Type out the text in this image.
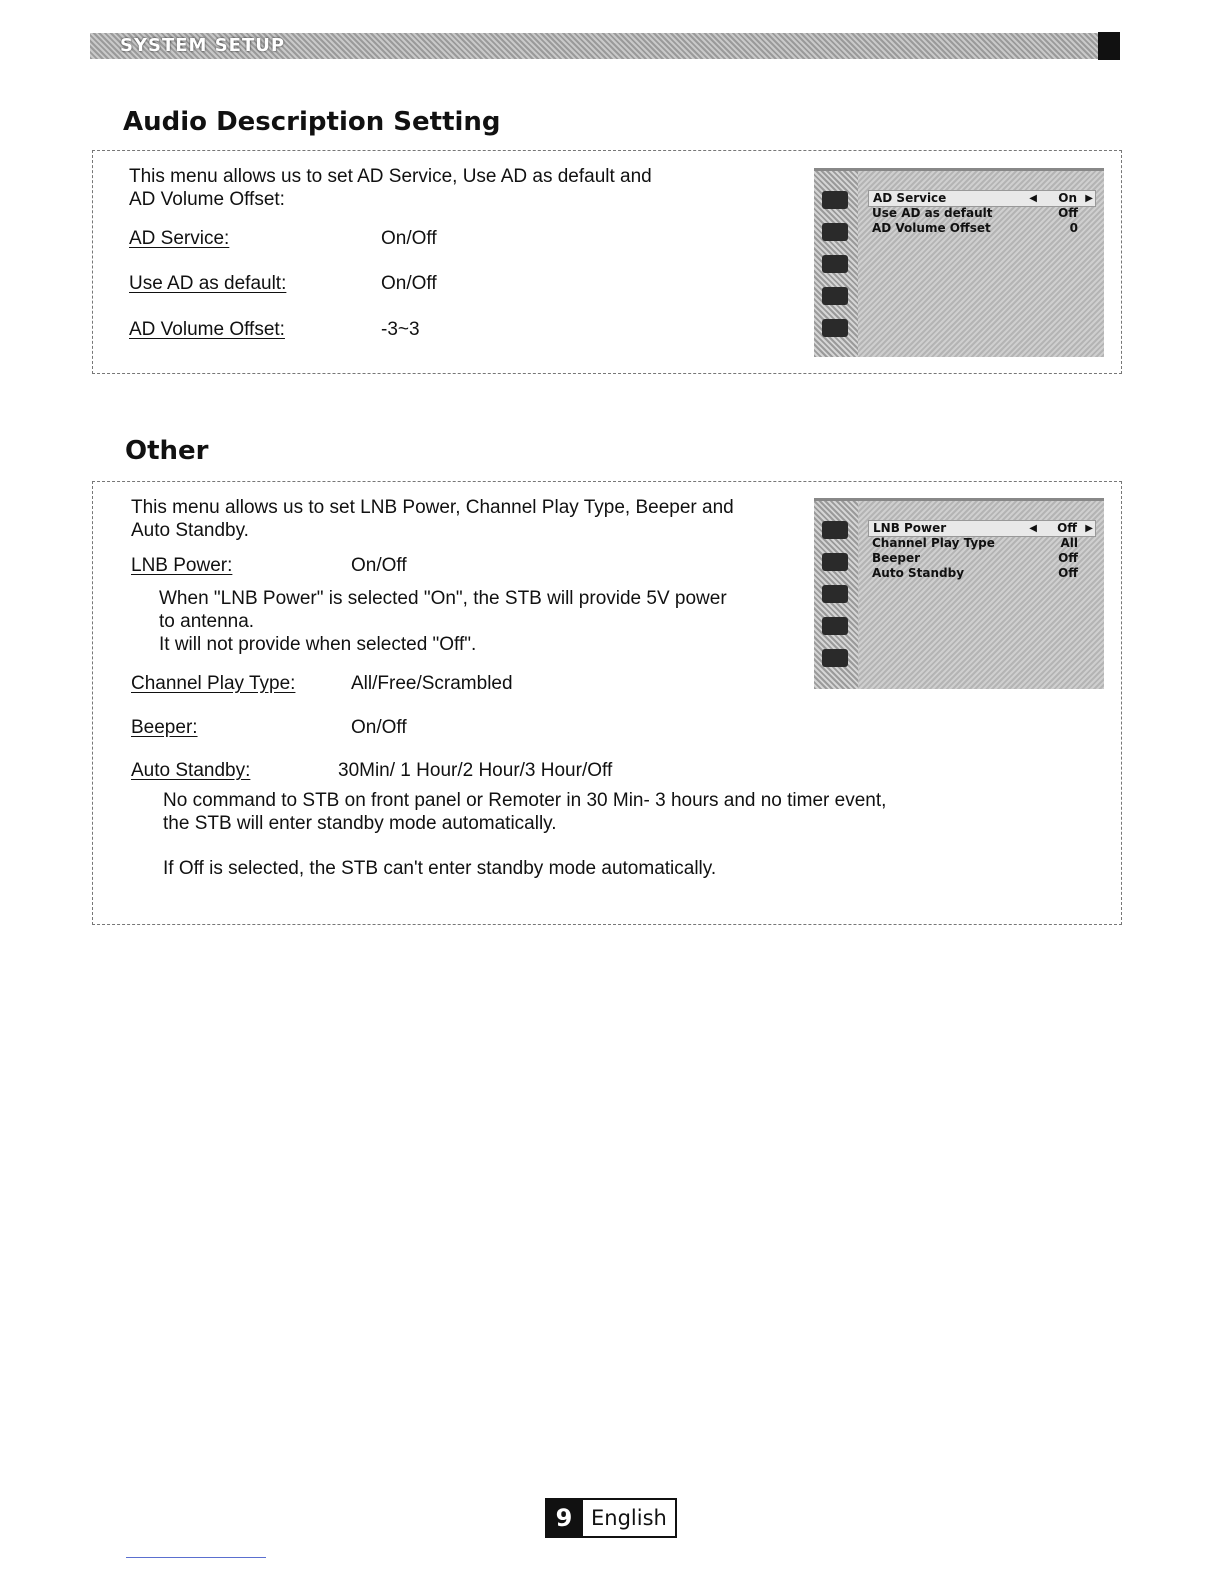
SYSTEM SETUP
Audio Description Setting
This menu allows us to set AD Service, Use AD as default and
AD Volume Offset:
AD Service:	On/Off
Use AD as default:	On/Off
AD Volume Offset:	-3~3
AD Service	◀ On ▶
Use AD as default	Off
AD Volume Offset	0
Other
This menu allows us to set LNB Power, Channel Play Type, Beeper and
Auto Standby.
LNB Power:	On/Off
When "LNB Power" is selected "On", the STB will provide 5V power
to antenna.
It will not provide when selected "Off".
Channel Play Type:	All/Free/Scrambled
Beeper:	On/Off
Auto Standby:	30Min/ 1 Hour/2 Hour/3 Hour/Off
No command to STB on front panel or Remoter in 30 Min- 3 hours and no timer event,
the STB will enter standby mode automatically.
If Off is selected, the STB can't enter standby mode automatically.
LNB Power	◀ Off ▶
Channel Play Type	All
Beeper	Off
Auto Standby	Off
9 English
